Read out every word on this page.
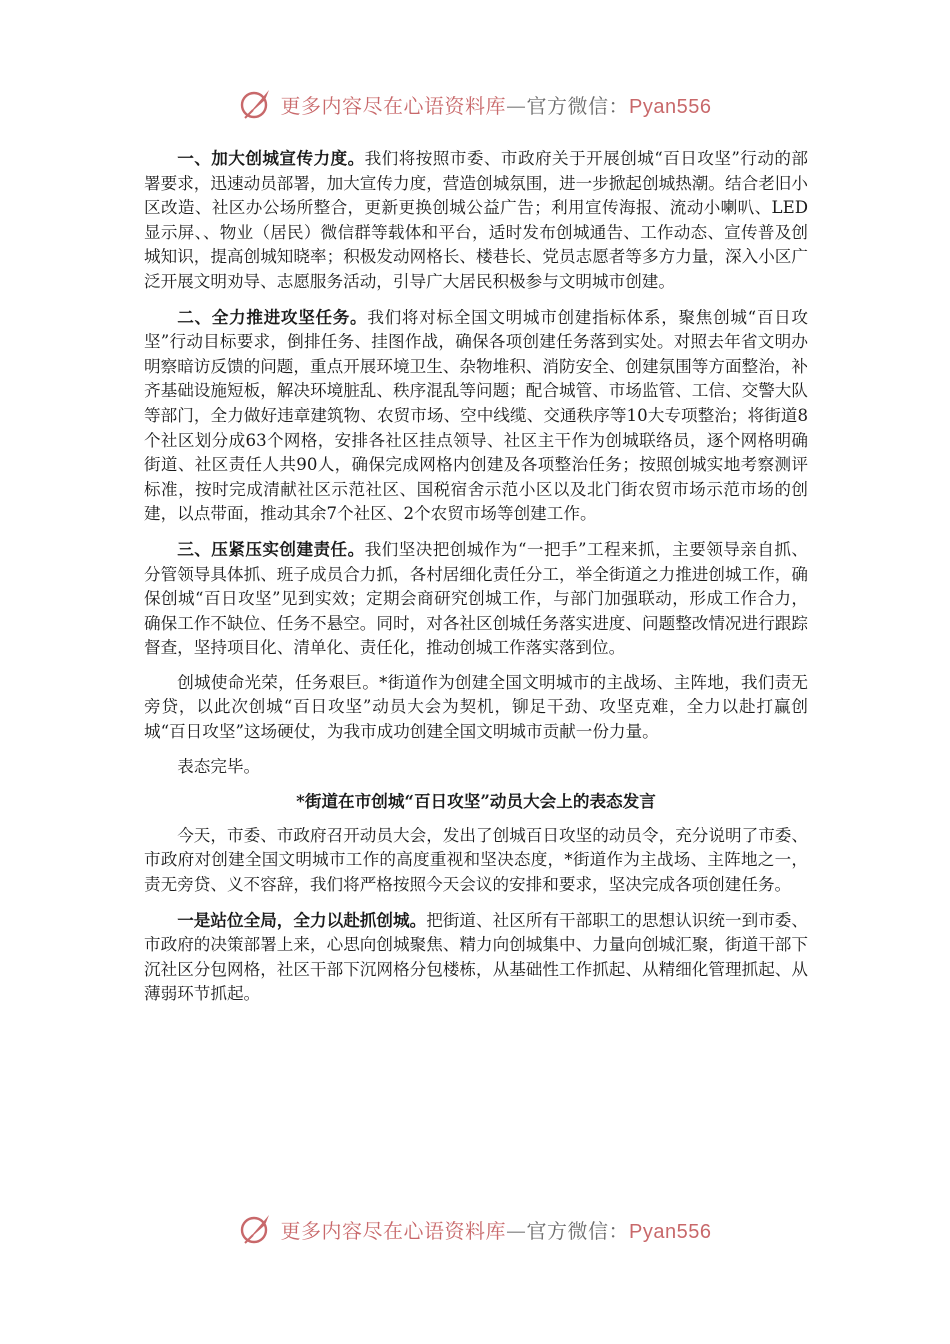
更多内容尽在心语资料库—官方微信：Pyan556

一、加大创城宣传力度。我们将按照市委、市政府关于开展创城“百日攻坚”行动的部署要求，迅速动员部署，加大宣传力度，营造创城氛围，进一步掀起创城热潮。结合老旧小区改造、社区办公场所整合，更新更换创城公益广告；利用宣传海报、流动小喇叭、LED显示屏、、物业（居民）微信群等载体和平台，适时发布创城通告、工作动态、宣传普及创城知识，提高创城知晓率；积极发动网格长、楼巷长、党员志愿者等多方力量，深入小区广泛开展文明劝导、志愿服务活动，引导广大居民积极参与文明城市创建。

二、全力推进攻坚任务。我们将对标全国文明城市创建指标体系，聚焦创城“百日攻坚”行动目标要求，倒排任务、挂图作战，确保各项创建任务落到实处。对照去年省文明办明察暗访反馈的问题，重点开展环境卫生、杂物堆积、消防安全、创建氛围等方面整治，补齐基础设施短板，解决环境脏乱、秩序混乱等问题；配合城管、市场监管、工信、交警大队等部门，全力做好违章建筑物、农贸市场、空中线缆、交通秩序等10大专项整治；将街道8个社区划分成63个网格，安排各社区挂点领导、社区主干作为创城联络员，逐个网格明确街道、社区责任人共90人，确保完成网格内创建及各项整治任务；按照创城实地考察测评标准，按时完成清献社区示范社区、国税宿舍示范小区以及北门街农贸市场示范市场的创建，以点带面，推动其余7个社区、2个农贸市场等创建工作。

三、压紧压实创建责任。我们坚决把创城作为“一把手”工程来抓，主要领导亲自抓、分管领导具体抓、班子成员合力抓，各村居细化责任分工，举全街道之力推进创城工作，确保创城“百日攻坚”见到实效；定期会商研究创城工作，与部门加强联动，形成工作合力，确保工作不缺位、任务不悬空。同时，对各社区创城任务落实进度、问题整改情况进行跟踪督查，坚持项目化、清单化、责任化，推动创城工作落实落到位。

创城使命光荣，任务艰巨。*街道作为创建全国文明城市的主战场、主阵地，我们责无旁贷，以此次创城“百日攻坚”动员大会为契机，铆足干劲、攻坚克难，全力以赴打赢创城“百日攻坚”这场硬仗，为我市成功创建全国文明城市贡献一份力量。

表态完毕。

*街道在市创城“百日攻坚”动员大会上的表态发言

今天，市委、市政府召开动员大会，发出了创城百日攻坚的动员令，充分说明了市委、市政府对创建全国文明城市工作的高度重视和坚决态度，*街道作为主战场、主阵地之一，责无旁贷、义不容辞，我们将严格按照今天会议的安排和要求，坚决完成各项创建任务。

一是站位全局，全力以赴抓创城。把街道、社区所有干部职工的思想认识统一到市委、市政府的决策部署上来，心思向创城聚焦、精力向创城集中、力量向创城汇聚，街道干部下沉社区分包网格，社区干部下沉网格分包楼栋，从基础性工作抓起、从精细化管理抓起、从薄弱环节抓起。

更多内容尽在心语资料库—官方微信：Pyan556
